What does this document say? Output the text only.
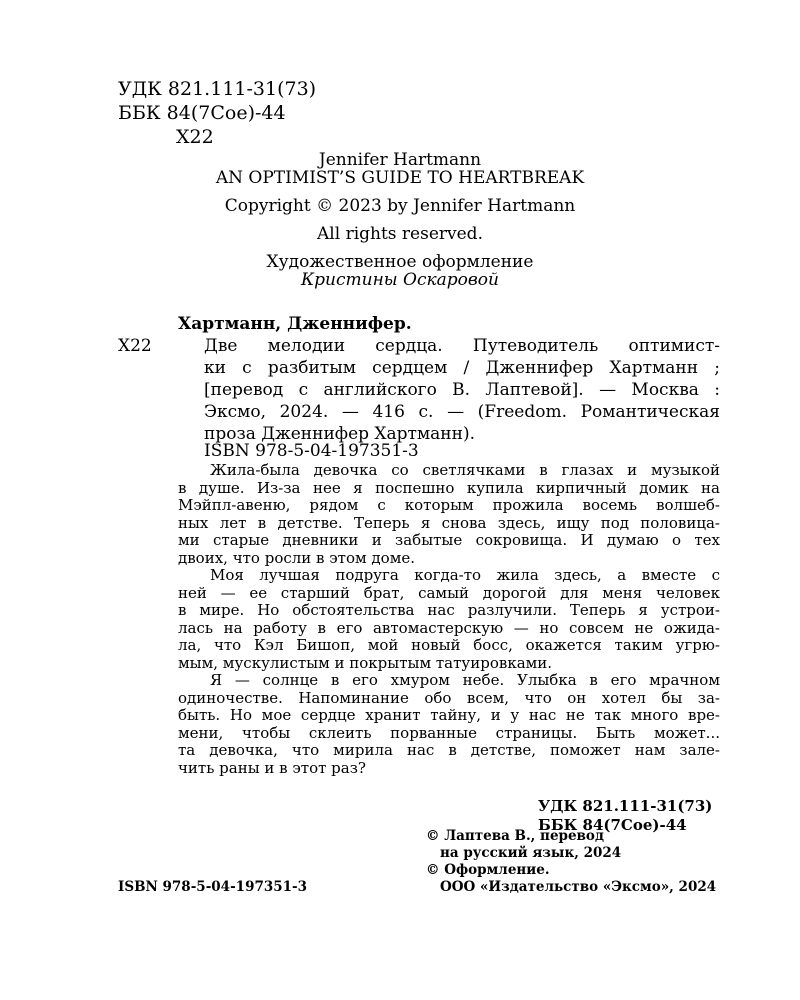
УДК 821.111-31(73)
ББК 84(7Сое)-44
Х22
Jennifer Hartmann
AN OPTIMIST’S GUIDE TO HEARTBREAK
Copyright © 2023 by Jennifer Hartmann
All rights reserved.
Художественное оформление
Кристины Оскаровой
Хартманн, Дженнифер.
Х22	Две мелодии сердца. Путеводитель оптимист-
ки с разбитым сердцем / Дженнифер Хартманн ;
[перевод с английского В. Лаптевой]. — Москва :
Эксмо, 2024. — 416 с. — (Freedom. Романтическая
проза Дженнифер Хартманн).
ISBN 978-5-04-197351-3
Жила-была девочка со светлячками в глазах и музыкой
в душе. Из-за нее я поспешно купила кирпичный домик на
Мэйпл-авеню, рядом с которым прожила восемь волшеб-
ных лет в детстве. Теперь я снова здесь, ищу под половица-
ми старые дневники и забытые сокровища. И думаю о тех
двоих, что росли в этом доме.
Моя лучшая подруга когда-то жила здесь, а вместе с
ней — ее старший брат, самый дорогой для меня человек
в мире. Но обстоятельства нас разлучили. Теперь я устрои-
лась на работу в его автомастерскую — но совсем не ожида-
ла, что Кэл Бишоп, мой новый босс, окажется таким угрю-
мым, мускулистым и покрытым татуировками.
Я — солнце в его хмуром небе. Улыбка в его мрачном
одиночестве. Напоминание обо всем, что он хотел бы за-
быть. Но мое сердце хранит тайну, и у нас не так много вре-
мени, чтобы склеить порванные страницы. Быть может...
та девочка, что мирила нас в детстве, поможет нам зале-
чить раны и в этот раз?
УДК 821.111-31(73)
ББК 84(7Сое)-44
© Лаптева В., перевод
на русский язык, 2024
© Оформление.
ООО «Издательство «Эксмо», 2024
ISBN 978-5-04-197351-3
